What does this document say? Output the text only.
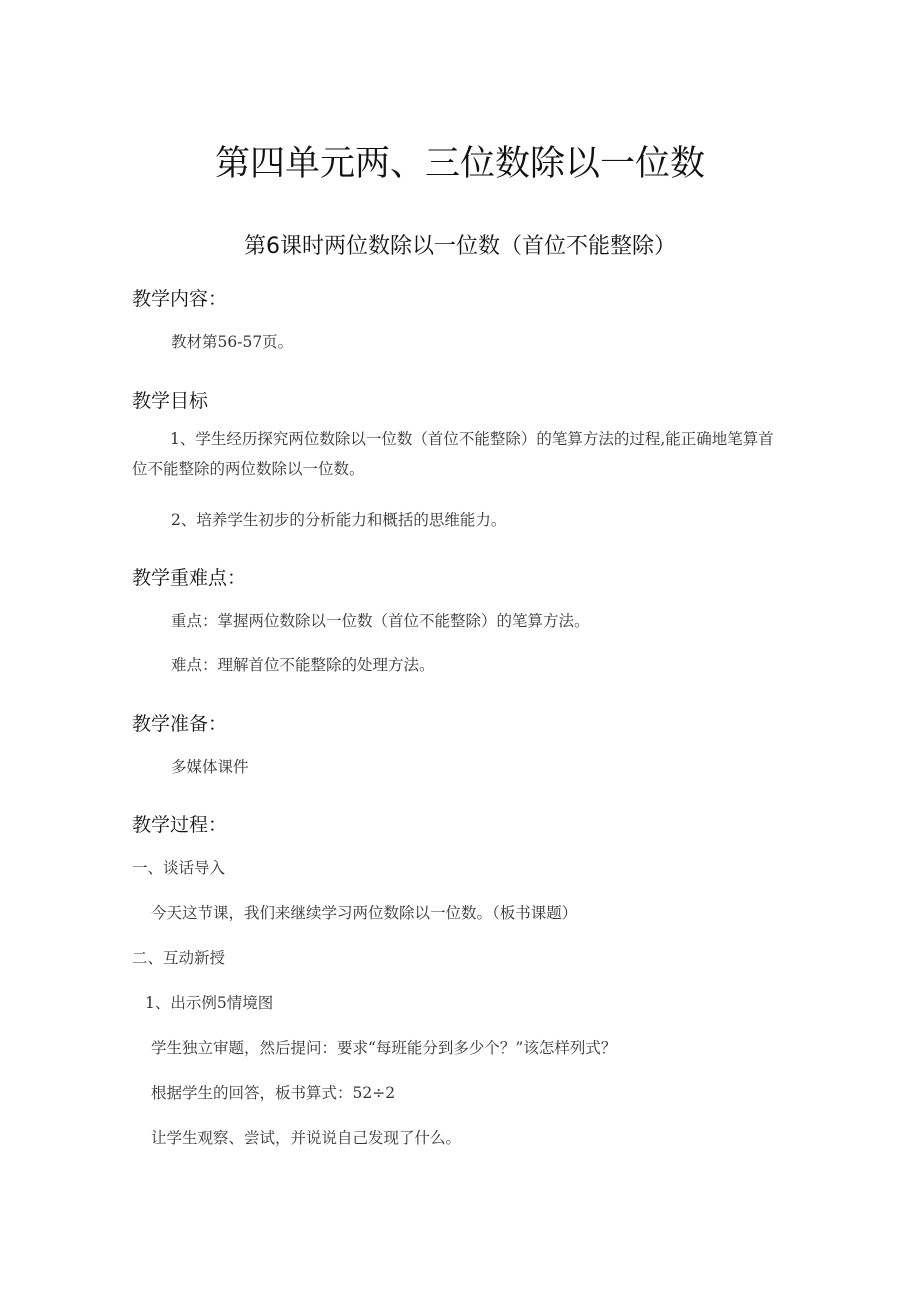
第四单元两、三位数除以一位数
第6课时两位数除以一位数（首位不能整除）
教学内容：
教材第56-57页。
教学目标
1、学生经历探究两位数除以一位数（首位不能整除）的笔算方法的过程,能正确地笔算首位不能整除的两位数除以一位数。
2、培养学生初步的分析能力和概括的思维能力。
教学重难点：
重点：掌握两位数除以一位数（首位不能整除）的笔算方法。
难点：理解首位不能整除的处理方法。
教学准备：
多媒体课件
教学过程：
一、谈话导入
今天这节课，我们来继续学习两位数除以一位数。（板书课题）
二、互动新授
1、出示例5情境图
学生独立审题，然后提问：要求“每班能分到多少个？”该怎样列式？
根据学生的回答，板书算式：52÷2
让学生观察、尝试，并说说自己发现了什么。
